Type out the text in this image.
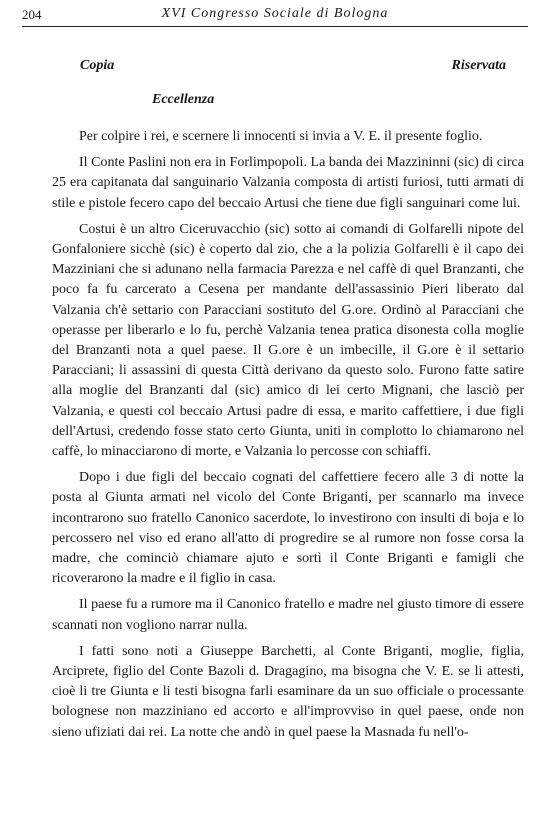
204	XVI Congresso Sociale di Bologna
Copia	Riservata
Eccellenza

Per colpire i rei, e scernere li innocenti si invia a V. E. il presente foglio.

Il Conte Paslini non era in Forlimpopoli. La banda dei Mazzininni (sic) di circa 25 era capitanata dal sanguinario Valzania composta di artisti furiosi, tutti armati di stile e pistole fecero capo del beccaio Artusi che tiene due figli sanguinari come lui.

Costui è un altro Ciceruvacchio (sic) sotto ai comandi di Golfarelli nipote del Gonfaloniere sicchè (sic) è coperto dal zio, che a la polizia Golfarelli è il capo dei Mazziniani che si adunano nella farmacia Parezza e nel caffè di quel Branzanti, che poco fa fu carcerato a Cesena per mandante dell'assassinio Pieri liberato dal Valzania ch'è settario con Paracciani sostituto del G.ore. Ordinò al Paracciani che operasse per liberarlo e lo fu, perchè Valzania tenea pratica disonesta colla moglie del Branzanti nota a quel paese. Il G.ore è un imbecille, il G.ore è il settario Paracciani; li assassini di questa Città derivano da questo solo. Furono fatte satire alla moglie del Branzanti dal (sic) amico di lei certo Mignani, che lasciò per Valzania, e questi col beccaio Artusi padre di essa, e marito caffettiere, i due figli dell'Artusi, credendo fosse stato certo Giunta, uniti in complotto lo chiamarono nel caffè, lo minacciarono di morte, e Valzania lo percosse con schiaffi.

Dopo i due figli del beccaio cognati del caffettiere fecero alle 3 di notte la posta al Giunta armati nel vicolo del Conte Briganti, per scannarlo ma invece incontrarono suo fratello Canonico sacerdote, lo investirono con insulti di boja e lo percossero nel viso ed erano all'atto di progredire se al rumore non fosse corsa la madre, che cominciò chiamare ajuto e sortì il Conte Briganti e famigli che ricoverarono la madre e il figlio in casa.

Il paese fu a rumore ma il Canonico fratello e madre nel giusto timore di essere scannati non vogliono narrar nulla.

I fatti sono noti a Giuseppe Barchetti, al Conte Briganti, moglie, figlia, Arciprete, figlio del Conte Bazoli d. Dragagino, ma bisogna che V. E. se li attesti, cioè li tre Giunta e li testi bisogna farli esaminare da un suo officiale o processante bolognese non mazziniano ed accorto e all'improvviso in quel paese, onde non sieno ufiziati dai rei. La notte che andò in quel paese la Masnada fu nell'o-
